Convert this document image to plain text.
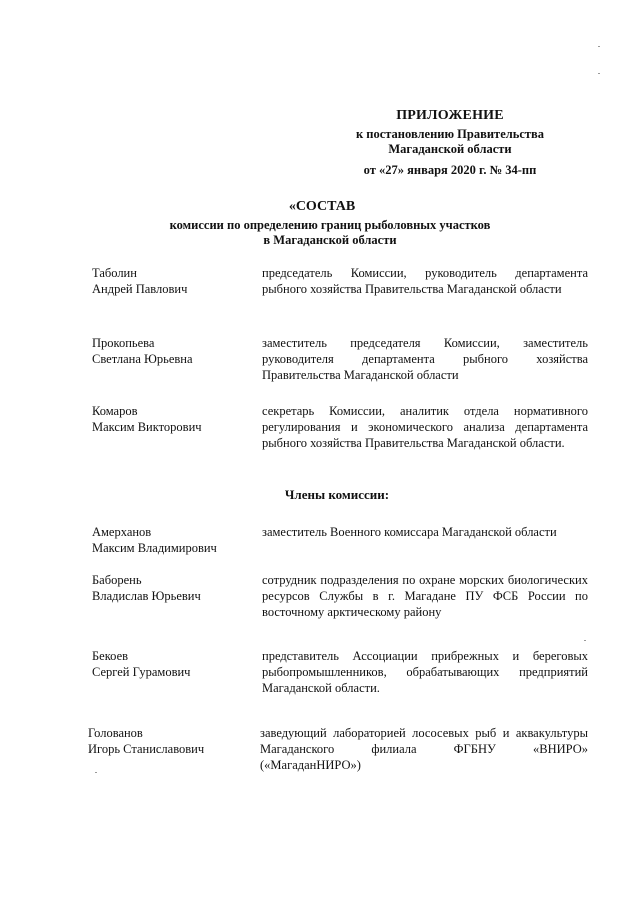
ПРИЛОЖЕНИЕ
к постановлению Правительства
Магаданской области
от «27» января 2020 г. № 34-пп
«СОСТАВ
комиссии по определению границ рыболовных участков
в Магаданской области
Таболин
Андрей Павлович
председатель Комиссии, руководитель департамента рыбного хозяйства Правительства Магаданской области
Прокопьева
Светлана Юрьевна
заместитель председателя Комиссии, заместитель руководителя департамента рыбного хозяйства Правительства Магаданской области
Комаров
Максим Викторович
секретарь Комиссии, аналитик отдела нормативного регулирования и экономического анализа департамента рыбного хозяйства Правительства Магаданской области.
Члены комиссии:
Амерханов
Максим Владимирович
заместитель Военного комиссара Магаданской области
Баборень
Владислав Юрьевич
сотрудник подразделения по охране морских биологических ресурсов Службы в г. Магадане ПУ ФСБ России по восточному арктическому району
Бекоев
Сергей Гурамович
представитель Ассоциации прибрежных и береговых рыбопромышленников, обрабатывающих предприятий Магаданской области.
Голованов
Игорь Станиславович
заведующий лабораторией лососевых рыб и аквакультуры Магаданского филиала ФГБНУ «ВНИРО» («МагаданНИРО»)
